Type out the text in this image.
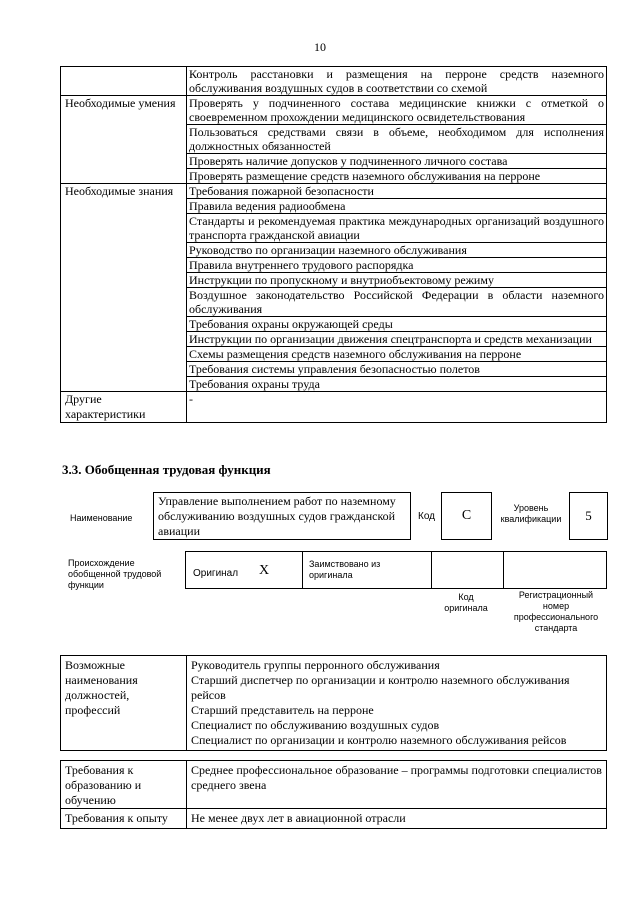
10
	Контроль расстановки и размещения на перроне средств наземного обслуживания воздушных судов в соответствии со схемой
Необходимые умения	Проверять у подчиненного состава медицинские книжки с отметкой о своевременном прохождении медицинского освидетельствования
	Пользоваться средствами связи в объеме, необходимом для исполнения должностных обязанностей
	Проверять наличие допусков у подчиненного личного состава
	Проверять размещение средств наземного обслуживания на перроне
Необходимые знания	Требования пожарной безопасности
	Правила ведения радиообмена
	Стандарты и рекомендуемая практика международных организаций воздушного транспорта гражданской авиации
	Руководство по организации наземного обслуживания
	Правила внутреннего трудового распорядка
	Инструкции по пропускному и внутриобъектовому режиму
	Воздушное законодательство Российской Федерации в области наземного обслуживания
	Требования охраны окружающей среды
	Инструкции по организации движения спецтранспорта и средств механизации
	Схемы размещения средств наземного обслуживания на перроне
	Требования системы управления безопасностью полетов
	Требования охраны труда
Другие характеристики	-
3.3. Обобщенная трудовая функция
Наименование
Управление выполнением работ по наземному обслуживанию воздушных судов гражданской авиации
Код	C	Уровень квалификации	5
Происхождение обобщенной трудовой функции
Оригинал X	Заимствовано из оригинала
Код оригинала
Регистрационный номер профессионального стандарта
Возможные наименования должностей, профессий	
Руководитель группы перронного обслуживания
Старший диспетчер по организации и контролю наземного обслуживания рейсов
Старший представитель на перроне
Специалист по обслуживанию воздушных судов
Специалист по организации и контролю наземного обслуживания рейсов
Требования к образованию и обучению	Среднее профессиональное образование – программы подготовки специалистов среднего звена
Требования к опыту	Не менее двух лет в авиационной отрасли
